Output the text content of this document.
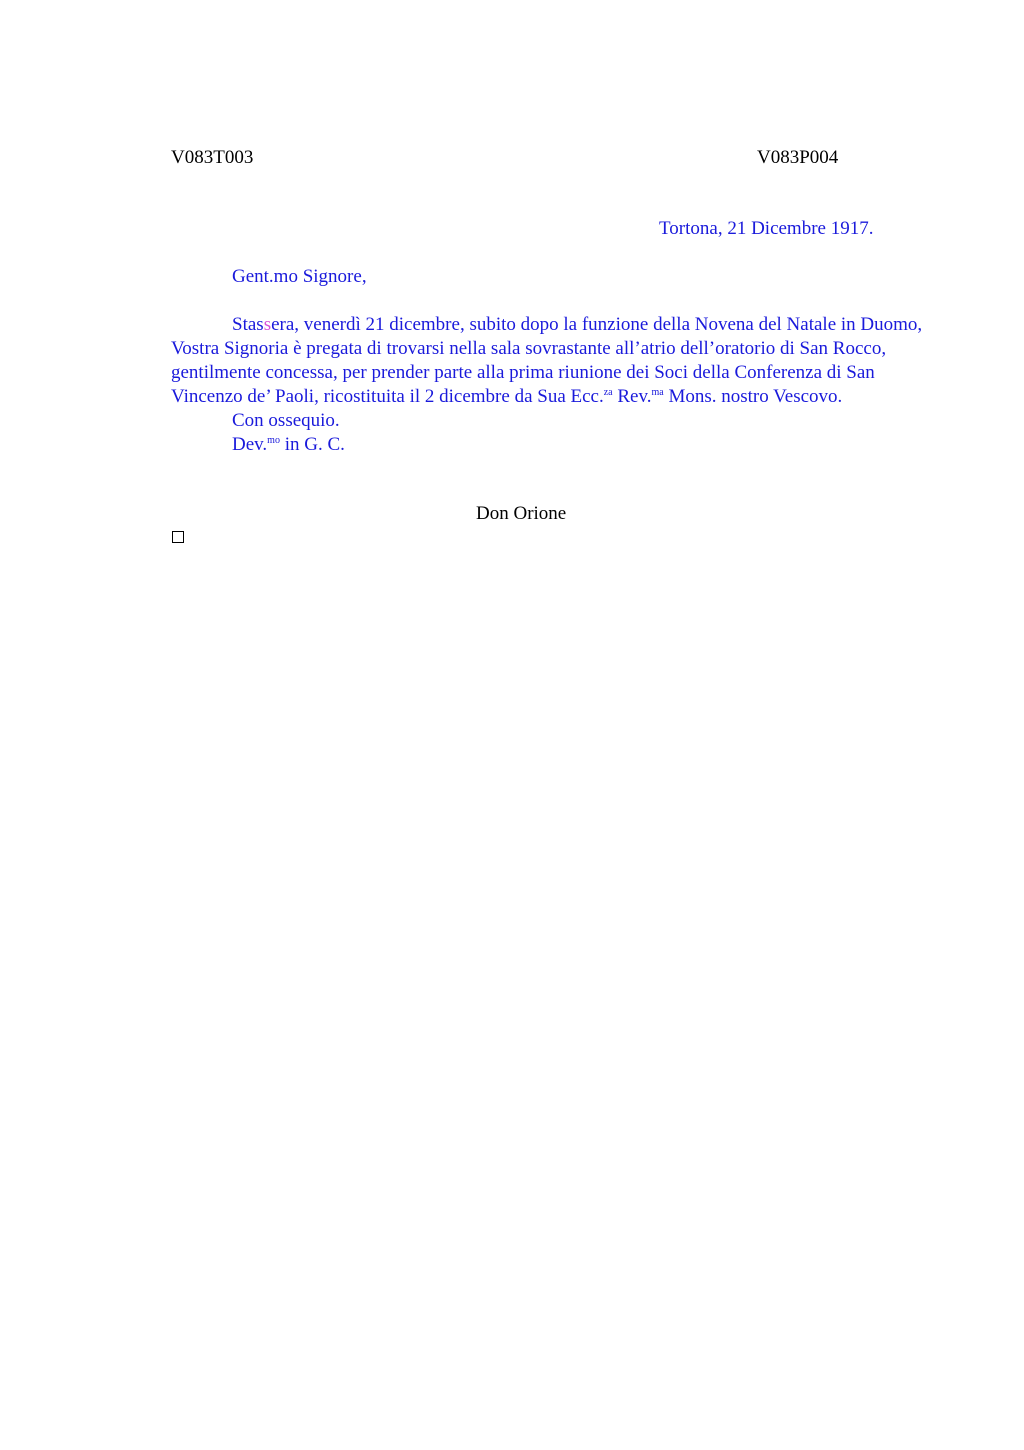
V083T003	V083P004
Tortona, 21 Dicembre 1917.
Gent.mo Signore,

Stassera, venerdì 21 dicembre, subito dopo la funzione della Novena del Natale in Duomo, Vostra Signoria è pregata di trovarsi nella sala sovrastante all’atrio dell’oratorio di San Rocco, gentilmente concessa, per prender parte alla prima riunione dei Soci della Conferenza di San Vincenzo de’ Paoli, ricostituita il 2 dicembre da Sua Ecc.$^{za}$ Rev.$^{ma}$ Mons. nostro Vescovo.

Con ossequio.

Dev.$^{mo}$ in G. C.

Don Orione
